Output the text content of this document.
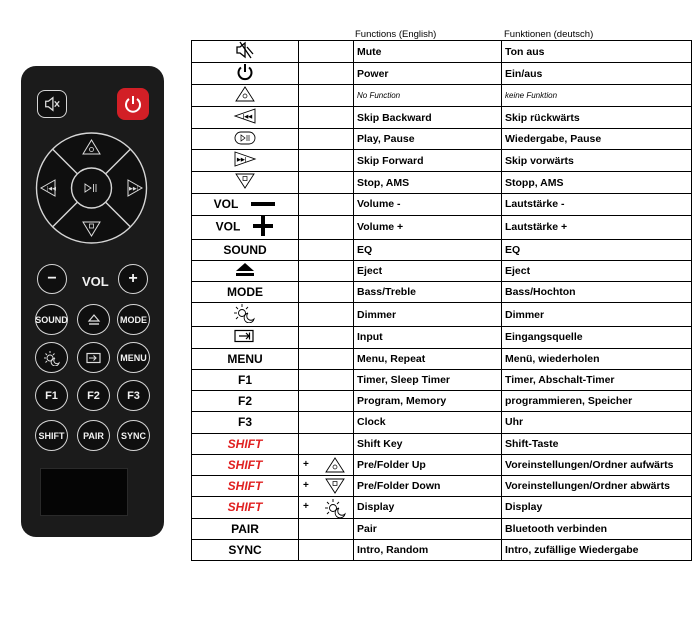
|◀◀	▶▶|
−	VOL	+
SOUND	MODE
MENU
F1	F2	F3
SHIFT	PAIR	SYNC
Functions (English)	Funktionen (deutsch)
		Mute	Ton aus
		Power	Ein/aus
		No Function	keine Funktion

|◀◀		Skip Backward	Skip rückwärts
		Play, Pause	Wiedergabe, Pause

▶▶|		Skip Forward	Skip vorwärts
		Stop, AMS	Stopp, AMS
VOL		Volume -	Lautstärke -
VOL		Volume +	Lautstärke +
SOUND		EQ	EQ
		Eject	Eject
MODE		Bass/Treble	Bass/Hochton
		Dimmer	Dimmer
		Input	Eingangsquelle
MENU		Menu, Repeat	Menü, wiederholen
F1		Timer, Sleep Timer	Timer, Abschalt-Timer
F2		Program, Memory	programmieren, Speicher
F3		Clock	Uhr
SHIFT		Shift Key	Shift-Taste
SHIFT	+	Pre/Folder Up	Voreinstellungen/Ordner aufwärts
SHIFT	+	Pre/Folder Down	Voreinstellungen/Ordner abwärts
SHIFT	+	Display	Display
PAIR		Pair	Bluetooth verbinden
SYNC		Intro, Random	Intro, zufällige Wiedergabe
